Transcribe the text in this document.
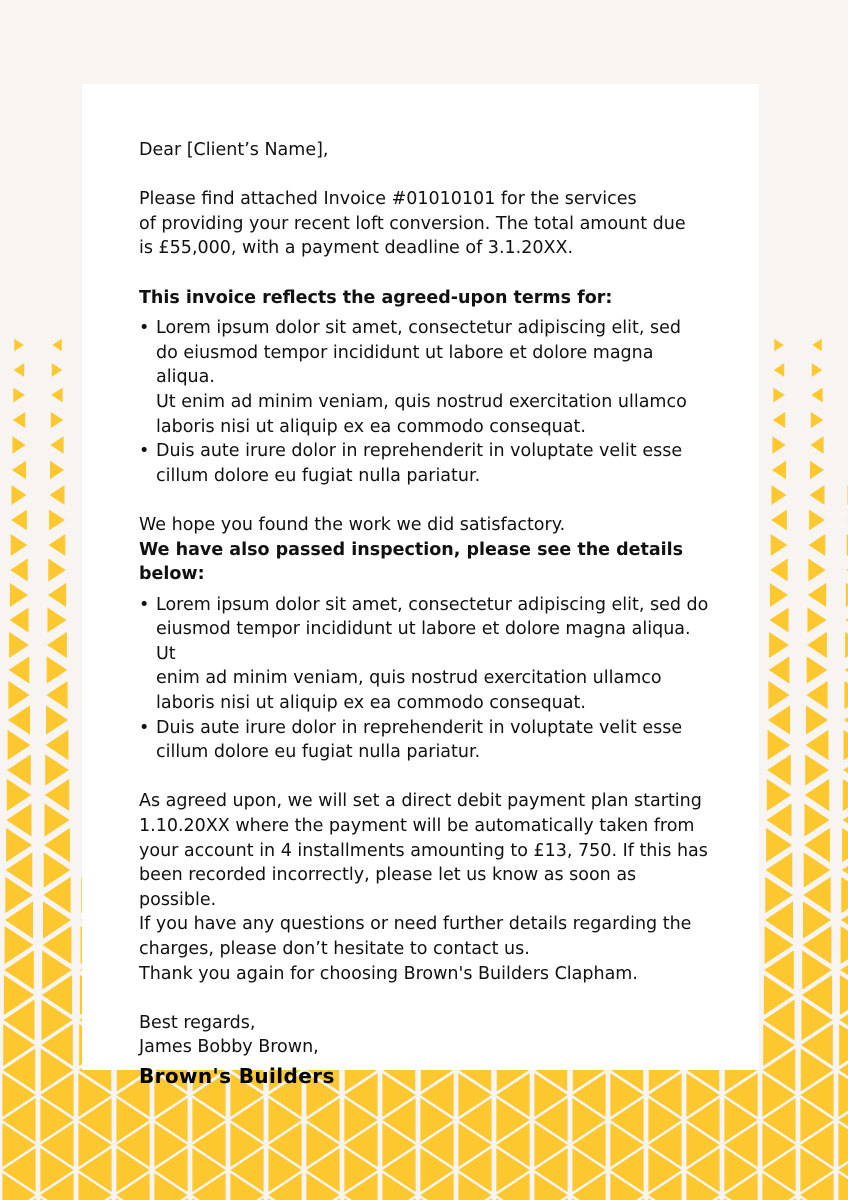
Dear [Client’s Name],

Please find attached Invoice #01010101 for the services
of providing your recent loft conversion. The total amount due
is £55,000, with a payment deadline of 3.1.20XX.

This invoice reflects the agreed-upon terms for:

• Lorem ipsum dolor sit amet, consectetur adipiscing elit, sed
do eiusmod tempor incididunt ut labore et dolore magna aliqua.
Ut enim ad minim veniam, quis nostrud exercitation ullamco
laboris nisi ut aliquip ex ea commodo consequat.
• Duis aute irure dolor in reprehenderit in voluptate velit esse
cillum dolore eu fugiat nulla pariatur.

We hope you found the work we did satisfactory.

We have also passed inspection, please see the details below:

• Lorem ipsum dolor sit amet, consectetur adipiscing elit, sed do
eiusmod tempor incididunt ut labore et dolore magna aliqua. Ut
enim ad minim veniam, quis nostrud exercitation ullamco
laboris nisi ut aliquip ex ea commodo consequat.
• Duis aute irure dolor in reprehenderit in voluptate velit esse
cillum dolore eu fugiat nulla pariatur.
As agreed upon, we will set a direct debit payment plan starting
1.10.20XX where the payment will be automatically taken from
your account in 4 installments amounting to £13, 750. If this has
been recorded incorrectly, please let us know as soon as possible.
If you have any questions or need further details regarding the
charges, please don’t hesitate to contact us.
Thank you again for choosing Brown's Builders Clapham.

Best regards,

James Bobby Brown,

Brown's Builders
